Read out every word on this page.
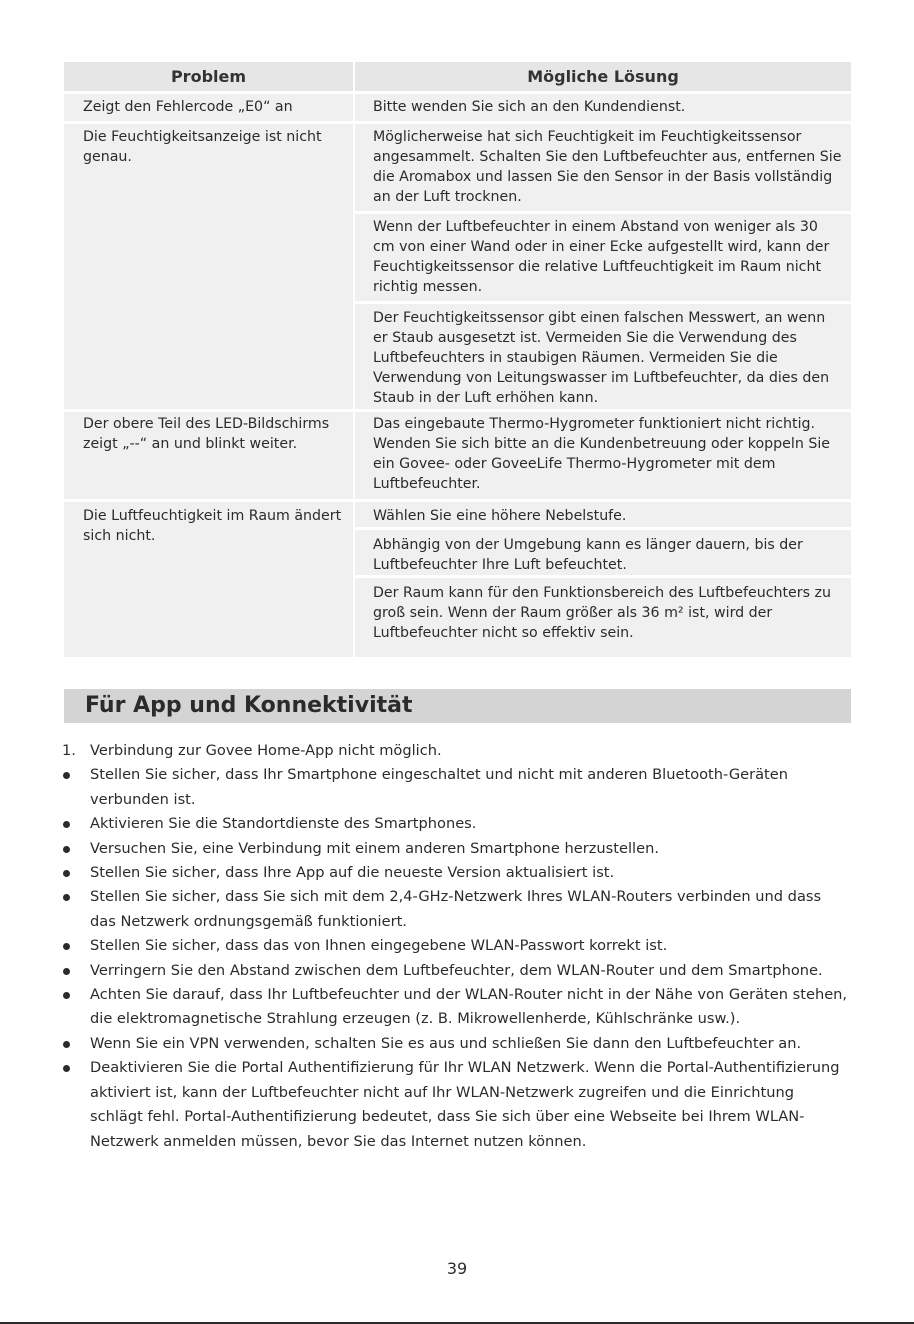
Problem	Mögliche Lösung

Zeigt den Fehlercode „E0“ an	Bitte wenden Sie sich an den Kundendienst.

Die Feuchtigkeitsanzeige ist nicht genau.	Möglicherweise hat sich Feuchtigkeit im Feuchtigkeitssensor angesammelt. Schalten Sie den Luftbefeuchter aus, entfernen Sie die Aromabox und lassen Sie den Sensor in der Basis vollständig an der Luft trocknen.

	Wenn der Luftbefeuchter in einem Abstand von weniger als 30 cm von einer Wand oder in einer Ecke aufgestellt wird, kann der Feuchtigkeitssensor die relative Luftfeuchtigkeit im Raum nicht richtig messen.

	Der Feuchtigkeitssensor gibt einen falschen Messwert, an wenn er Staub ausgesetzt ist. Vermeiden Sie die Verwendung des Luftbefeuchters in staubigen Räumen. Vermeiden Sie die Verwendung von Leitungswasser im Luftbefeuchter, da dies den Staub in der Luft erhöhen kann.

Der obere Teil des LED-Bildschirms zeigt „--“ an und blinkt weiter.	Das eingebaute Thermo-Hygrometer funktioniert nicht richtig. Wenden Sie sich bitte an die Kundenbetreuung oder koppeln Sie ein Govee- oder GoveeLife Thermo-Hygrometer mit dem Luftbefeuchter.

Die Luftfeuchtigkeit im Raum ändert sich nicht.	Wählen Sie eine höhere Nebelstufe.

	Abhängig von der Umgebung kann es länger dauern, bis der Luftbefeuchter Ihre Luft befeuchtet.

	Der Raum kann für den Funktionsbereich des Luftbefeuchters zu groß sein. Wenn der Raum größer als 36 m² ist, wird der Luftbefeuchter nicht so effektiv sein.
Für App und Konnektivität
1. Verbindung zur Govee Home-App nicht möglich.
Stellen Sie sicher, dass Ihr Smartphone eingeschaltet und nicht mit anderen Bluetooth-Geräten verbunden ist.
Aktivieren Sie die Standortdienste des Smartphones.
Versuchen Sie, eine Verbindung mit einem anderen Smartphone herzustellen.
Stellen Sie sicher, dass Ihre App auf die neueste Version aktualisiert ist.
Stellen Sie sicher, dass Sie sich mit dem 2,4-GHz-Netzwerk Ihres WLAN-Routers verbinden und dass das Netzwerk ordnungsgemäß funktioniert.
Stellen Sie sicher, dass das von Ihnen eingegebene WLAN-Passwort korrekt ist.
Verringern Sie den Abstand zwischen dem Luftbefeuchter, dem WLAN-Router und dem Smartphone.
Achten Sie darauf, dass Ihr Luftbefeuchter und der WLAN-Router nicht in der Nähe von Geräten stehen, die elektromagnetische Strahlung erzeugen (z. B. Mikrowellenherde, Kühlschränke usw.).
Wenn Sie ein VPN verwenden, schalten Sie es aus und schließen Sie dann den Luftbefeuchter an.
Deaktivieren Sie die Portal Authentifizierung für Ihr WLAN Netzwerk. Wenn die Portal-Authentifizierung aktiviert ist, kann der Luftbefeuchter nicht auf Ihr WLAN-Netzwerk zugreifen und die Einrichtung schlägt fehl. Portal-Authentifizierung bedeutet, dass Sie sich über eine Webseite bei Ihrem WLAN-Netzwerk anmelden müssen, bevor Sie das Internet nutzen können.
39
